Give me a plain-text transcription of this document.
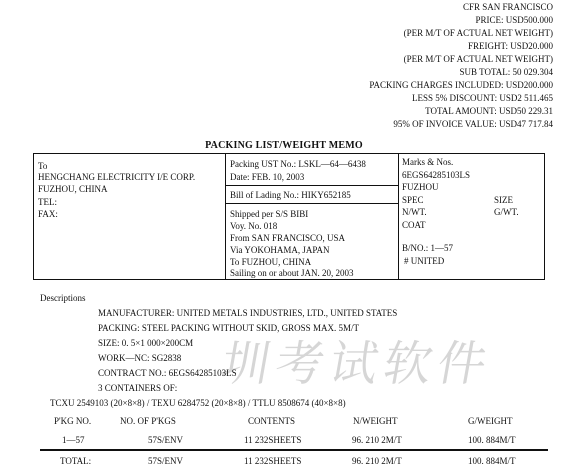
CFR SAN FRANCISCO
PRICE: USD500.000
(PER M/T OF ACTUAL NET WEIGHT)
FREIGHT: USD20.000
(PER M/T OF ACTUAL NET WEIGHT)
SUB TOTAL: 50 029.304
PACKING CHARGES INCLUDED: USD200.000
LESS 5% DISCOUNT: USD2 511.465
TOTAL AMOUNT: USD50 229.31
95% OF INVOICE VALUE: USD47 717.84
PACKING LIST/WEIGHT MEMO
To
HENGCHANG ELECTRICITY I/E CORP.
FUZHOU, CHINA
TEL:
FAX:
Packing UST No.: LSKL—64—6438
Date: FEB. 10, 2003
Bill of Lading No.: HIKY652185
Shipped per S/S BIBI
Voy. No. 018
From SAN FRANCISCO, USA
Via YOKOHAMA, JAPAN
To FUZHOU, CHINA
Sailing on or about JAN. 20, 2003
Marks & Nos.
6EGS64285103LS
FUZHOU
SPEC	SIZE
N/WT.	G/WT.
COAT
B/NO.: 1—57
# UNITED
圳考试软件
Descriptions
MANUFACTURER: UNITED METALS INDUSTRIES, LTD., UNITED STATES
PACKING: STEEL PACKING WITHOUT SKID, GROSS MAX. 5M/T
SIZE: 0. 5×1 000×200CM
WORK—NC: SG2838
CONTRACT NO.: 6EGS64285103LS
3 CONTAINERS OF:
TCXU 2549103 (20×8×8) / TEXU 6284752 (20×8×8) / TTLU 8508674 (40×8×8)
P'KG NO.	NO. OF P'KGS	CONTENTS	N/WEIGHT	G/WEIGHT
1—57	57S/ENV	11 232SHEETS	96. 210 2M/T	100. 884M/T
TOTAL:	57S/ENV	11 232SHEETS	96. 210 2M/T	100. 884M/T
